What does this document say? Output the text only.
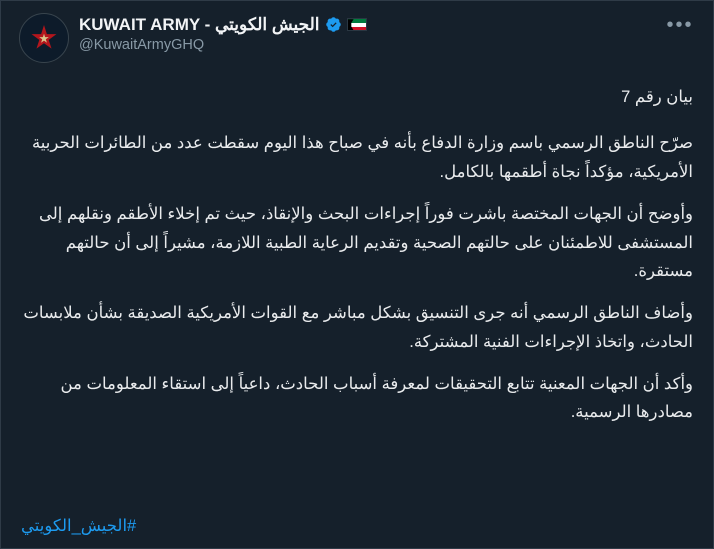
KUWAIT ARMY - الجيش الكويتي
@KuwaitArmyGHQ
•••

بيان رقم 7

صرّح الناطق الرسمي باسم وزارة الدفاع بأنه في صباح هذا اليوم سقطت عدد من الطائرات الحربية الأمريكية، مؤكداً نجاة أطقمها بالكامل.

وأوضح أن الجهات المختصة باشرت فوراً إجراءات البحث والإنقاذ، حيث تم إخلاء الأطقم ونقلهم إلى المستشفى للاطمئنان على حالتهم الصحية وتقديم الرعاية الطبية اللازمة، مشيراً إلى أن حالتهم مستقرة.

وأضاف الناطق الرسمي أنه جرى التنسيق بشكل مباشر مع القوات الأمريكية الصديقة بشأن ملابسات الحادث، واتخاذ الإجراءات الفنية المشتركة.

وأكد أن الجهات المعنية تتابع التحقيقات لمعرفة أسباب الحادث، داعياً إلى استقاء المعلومات من مصادرها الرسمية.

#الجيش_الكويتي
